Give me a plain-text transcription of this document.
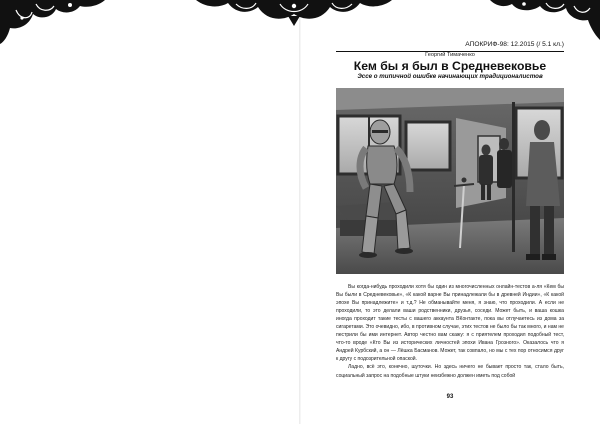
АПОКРИФ-98: 12.2015 (/ 5.1 кл.)
Георгий Тимаченко
Кем бы я был в Средневековье
Эссе о типичной ошибке начинающих традиционалистов

Вы когда-нибудь проходили хотя бы один из многочисленных онлайн-тестов а-ля «Кем бы Вы были в Средневековье», «К какой варне Вы принадлежали бы в древней Индии», «К какой эпохе Вы принадлежите» и т.д.? Не обманывайте меня, я знаю, что проходили. А если не проходили, то это делали ваши родственники, друзья, соседи. Может быть, и ваша кошка иногда проходит такие тесты с вашего аккаунта ВКонтакте, пока вы отлучаетесь из дома за сигаретами. Это очевидно, ибо, в противном случае, этих тестов не было бы так много, и нам не пестрили бы ими интернет. Автор честно вам скажу: я с приятелем проходил подобный тест, что-то вроде «Кто Вы из исторических личностей эпохи Ивана Грозного». Оказалось что я Андрей Курбский, а он — Лёшка Басманов. Может, так совпало, но мы с тех пор относимся друг к другу с подозрительной опаской.

Ладно, всё это, конечно, шуточки. Но здесь ничего не бывает просто так, стало быть, социальный запрос на подобные штуки неизбежно должен иметь под собой

93
